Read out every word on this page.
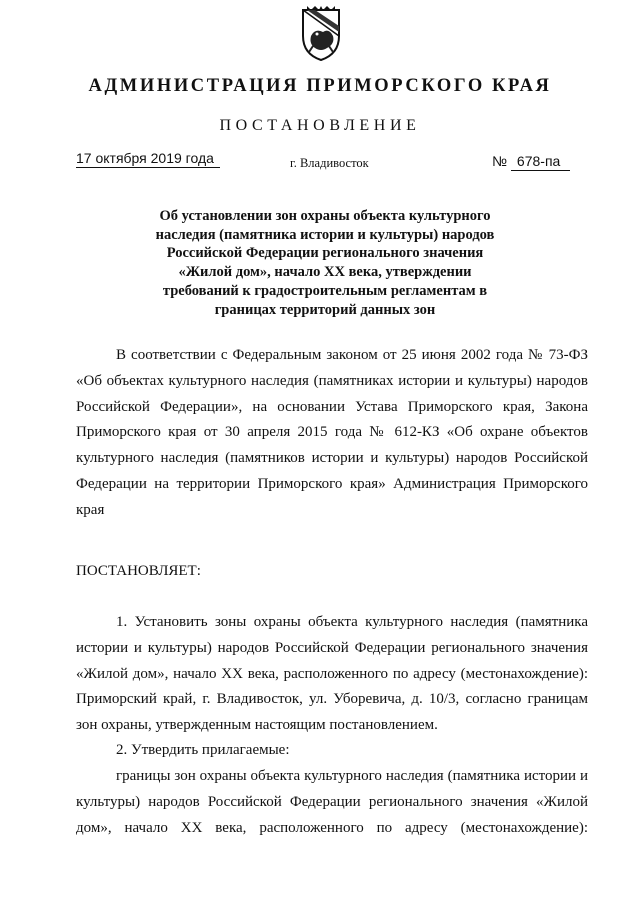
АДМИНИСТРАЦИЯ ПРИМОРСКОГО КРАЯ
ПОСТАНОВЛЕНИЕ
17 октября 2019 года	г. Владивосток	№ 678-па
Об установлении зон охраны объекта культурного
наследия (памятника истории и культуры) народов
Российской Федерации регионального значения
«Жилой дом», начало XX века, утверждении
требований к градостроительным регламентам в
границах территорий данных зон
В соответствии с Федеральным законом от 25 июня 2002 года № 73-ФЗ
«Об объектах культурного наследия (памятниках истории и культуры) народов
Российской Федерации», на основании Устава Приморского края, Закона
Приморского края от 30 апреля 2015 года № 612-КЗ «Об охране объектов
культурного наследия (памятников истории и культуры) народов Российской
Федерации на территории Приморского края» Администрация Приморского
края
ПОСТАНОВЛЯЕТ:
1. Установить зоны охраны объекта культурного наследия (памятника
истории и культуры) народов Российской Федерации регионального значения
«Жилой дом», начало XX века, расположенного по адресу (местонахождение):
Приморский край, г. Владивосток, ул. Уборевича, д. 10/3, согласно границам
зон охраны, утвержденным настоящим постановлением.
2. Утвердить прилагаемые:
границы зон охраны объекта культурного наследия (памятника истории и
культуры) народов Российской Федерации регионального значения «Жилой
дом», начало XX века, расположенного по адресу (местонахождение):
